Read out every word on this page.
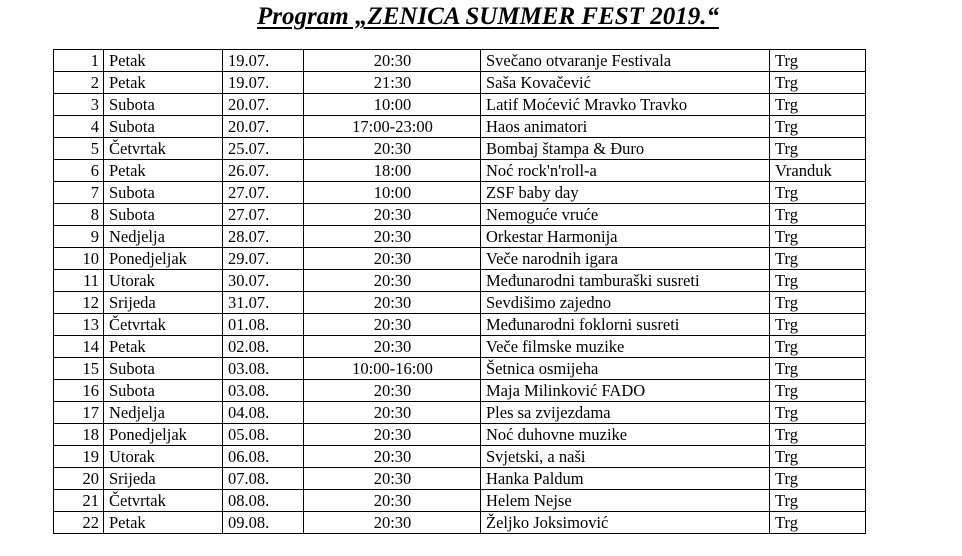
Program „ZENICA SUMMER FEST 2019.“
1	Petak	19.07.	20:30	Svečano otvaranje Festivala	Trg
2	Petak	19.07.	21:30	Saša Kovačević	Trg
3	Subota	20.07.	10:00	Latif Moćević Mravko Travko	Trg
4	Subota	20.07.	17:00-23:00	Haos animatori	Trg
5	Četvrtak	25.07.	20:30	Bombaj štampa & Đuro	Trg
6	Petak	26.07.	18:00	Noć rock'n'roll-a	Vranduk
7	Subota	27.07.	10:00	ZSF baby day	Trg
8	Subota	27.07.	20:30	Nemoguće vruće	Trg
9	Nedjelja	28.07.	20:30	Orkestar Harmonija	Trg
10	Ponedjeljak	29.07.	20:30	Veče narodnih igara	Trg
11	Utorak	30.07.	20:30	Međunarodni tamburaški susreti	Trg
12	Srijeda	31.07.	20:30	Sevdišimo zajedno	Trg
13	Četvrtak	01.08.	20:30	Međunarodni foklorni susreti	Trg
14	Petak	02.08.	20:30	Veče filmske muzike	Trg
15	Subota	03.08.	10:00-16:00	Šetnica osmijeha	Trg
16	Subota	03.08.	20:30	Maja Milinković FADO	Trg
17	Nedjelja	04.08.	20:30	Ples sa zvijezdama	Trg
18	Ponedjeljak	05.08.	20:30	Noć duhovne muzike	Trg
19	Utorak	06.08.	20:30	Svjetski, a naši	Trg
20	Srijeda	07.08.	20:30	Hanka Paldum	Trg
21	Četvrtak	08.08.	20:30	Helem Nejse	Trg
22	Petak	09.08.	20:30	Željko Joksimović	Trg
